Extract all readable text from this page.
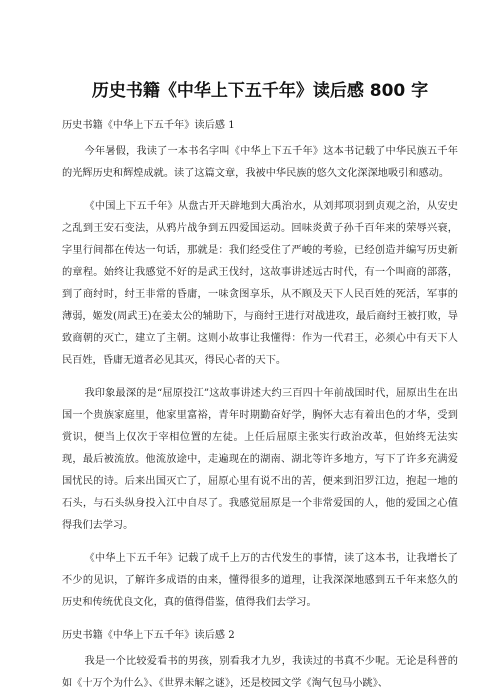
历史书籍《中华上下五千年》读后感 800 字
历史书籍《中华上下五千年》读后感 1

今年暑假，我读了一本书名字叫《中华上下五千年》这本书记载了中华民族五千年的光辉历史和辉煌成就。读了这篇文章，我被中华民族的悠久文化深深地吸引和感动。

《中国上下五千年》从盘古开天辟地到大禹治水，从刘邦项羽到贞观之治，从安史之乱到王安石变法，从鸦片战争到五四爱国运动。回味炎黄子孙千百年来的荣辱兴衰，字里行间都在传达一句话，那就是：我们经受住了严峻的考验，已经创造并编写历史新的章程。始终让我感觉不好的是武王伐纣，这故事讲述远古时代，有一个叫商的部落，到了商纣时，纣王非常的昏庸，一味贪图享乐，从不顾及天下人民百姓的死活，军事的薄弱，姬发(周武王)在姜太公的辅助下，与商纣王进行对战进攻，最后商纣王被打败，导致商朝的灭亡，建立了主朝。这则小故事让我懂得：作为一代君王，必须心中有天下人民百姓，昏庸无道者必见其灭，得民心者的天下。

我印象最深的是“屈原投江”这故事讲述大约三百四十年前战国时代，屈原出生在出国一个贵族家庭里，他家里富裕，青年时期勤奋好学，胸怀大志有着出色的才华，受到赏识，便当上仅次于宰相位置的左徒。上任后屈原主张实行政治改革，但始终无法实现，最后被流放。他流放途中，走遍现在的湖南、湖北等许多地方，写下了许多充满爱国忧民的诗。后来出国灭亡了，屈原心里有说不出的苦，便来到汨罗江边，抱起一地的石头，与石头纵身投入江中自尽了。我感觉屈原是一个非常爱国的人，他的爱国之心值得我们去学习。

《中华上下五千年》记载了成千上万的古代发生的事情，读了这本书，让我增长了不少的见识，了解许多成语的由来，懂得很多的道理，让我深深地感到五千年来悠久的历史和传统优良文化，真的值得借鉴，值得我们去学习。

历史书籍《中华上下五千年》读后感 2

我是一个比较爱看书的男孩，别看我才九岁，我读过的书真不少呢。无论是科普的如《十万个为什么》、《世界未解之谜》，还是校园文学《淘气包马小跳》、
